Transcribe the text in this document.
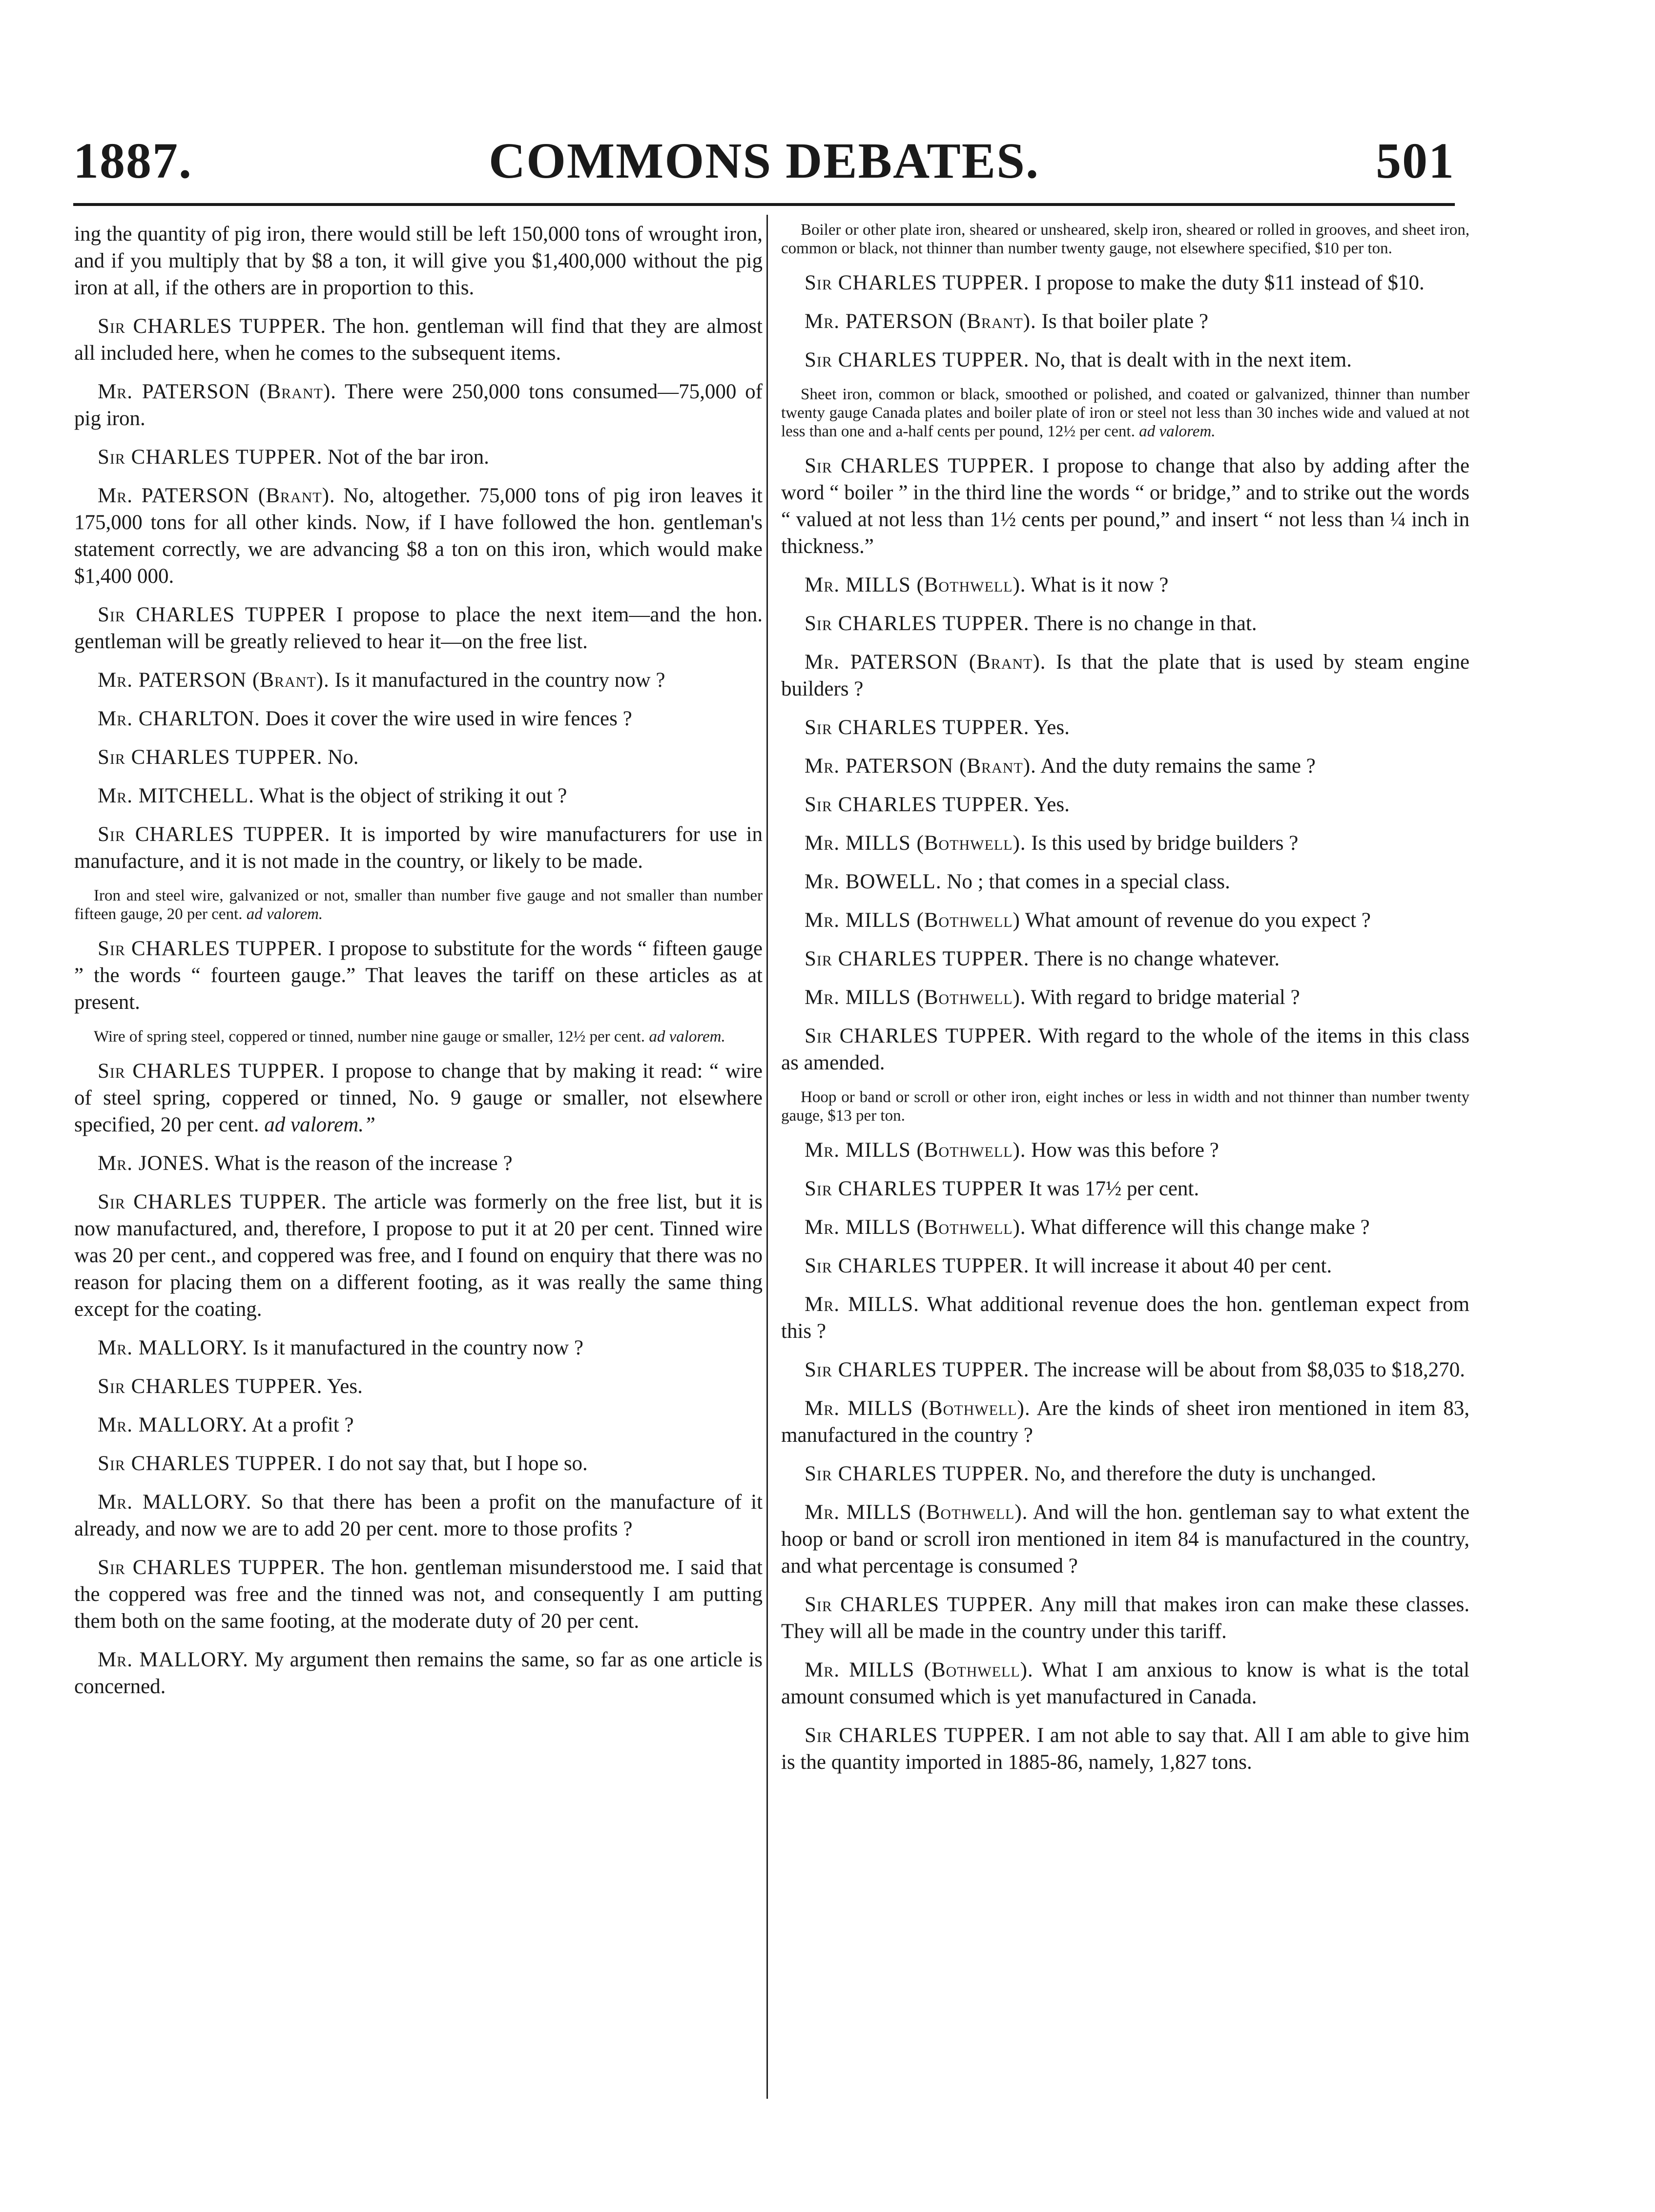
1887.	COMMONS DEBATES.	501

ing the quantity of pig iron, there would still be left 150,000 tons of wrought iron, and if you multiply that by $8 a ton, it will give you $1,400,000 without the pig iron at all, if the others are in proportion to this.

Sir CHARLES TUPPER. The hon. gentleman will find that they are almost all included here, when he comes to the subsequent items.

Mr. PATERSON (Brant). There were 250,000 tons consumed—75,000 of pig iron.

Sir CHARLES TUPPER. Not of the bar iron.

Mr. PATERSON (Brant). No, altogether. 75,000 tons of pig iron leaves it 175,000 tons for all other kinds. Now, if I have followed the hon. gentleman's statement correctly, we are advancing $8 a ton on this iron, which would make $1,400 000.

Sir CHARLES TUPPER I propose to place the next item—and the hon. gentleman will be greatly relieved to hear it—on the free list.

Mr. PATERSON (Brant). Is it manufactured in the country now ?

Mr. CHARLTON. Does it cover the wire used in wire fences ?

Sir CHARLES TUPPER. No.

Mr. MITCHELL. What is the object of striking it out ?

Sir CHARLES TUPPER. It is imported by wire manufacturers for use in manufacture, and it is not made in the country, or likely to be made.

Iron and steel wire, galvanized or not, smaller than number five gauge and not smaller than number fifteen gauge, 20 per cent. ad valorem.

Sir CHARLES TUPPER. I propose to substitute for the words “ fifteen gauge ” the words “ fourteen gauge.” That leaves the tariff on these articles as at present.

Wire of spring steel, coppered or tinned, number nine gauge or smaller, 12½ per cent. ad valorem.

Sir CHARLES TUPPER. I propose to change that by making it read: “ wire of steel spring, coppered or tinned, No. 9 gauge or smaller, not elsewhere specified, 20 per cent. ad valorem.”

Mr. JONES. What is the reason of the increase ?

Sir CHARLES TUPPER. The article was formerly on the free list, but it is now manufactured, and, therefore, I propose to put it at 20 per cent. Tinned wire was 20 per cent., and coppered was free, and I found on enquiry that there was no reason for placing them on a different footing, as it was really the same thing except for the coating.

Mr. MALLORY. Is it manufactured in the country now ?

Sir CHARLES TUPPER. Yes.

Mr. MALLORY. At a profit ?

Sir CHARLES TUPPER. I do not say that, but I hope so.

Mr. MALLORY. So that there has been a profit on the manufacture of it already, and now we are to add 20 per cent. more to those profits ?

Sir CHARLES TUPPER. The hon. gentleman misunderstood me. I said that the coppered was free and the tinned was not, and consequently I am putting them both on the same footing, at the moderate duty of 20 per cent.

Mr. MALLORY. My argument then remains the same, so far as one article is concerned.

Boiler or other plate iron, sheared or unsheared, skelp iron, sheared or rolled in grooves, and sheet iron, common or black, not thinner than number twenty gauge, not elsewhere specified, $10 per ton.

Sir CHARLES TUPPER. I propose to make the duty $11 instead of $10.

Mr. PATERSON (Brant). Is that boiler plate ?

Sir CHARLES TUPPER. No, that is dealt with in the next item.

Sheet iron, common or black, smoothed or polished, and coated or galvanized, thinner than number twenty gauge Canada plates and boiler plate of iron or steel not less than 30 inches wide and valued at not less than one and a-half cents per pound, 12½ per cent. ad valorem.

Sir CHARLES TUPPER. I propose to change that also by adding after the word “ boiler ” in the third line the words “ or bridge,” and to strike out the words “ valued at not less than 1½ cents per pound,” and insert “ not less than ¼ inch in thickness.”

Mr. MILLS (Bothwell). What is it now ?

Sir CHARLES TUPPER. There is no change in that.

Mr. PATERSON (Brant). Is that the plate that is used by steam engine builders ?

Sir CHARLES TUPPER. Yes.

Mr. PATERSON (Brant). And the duty remains the same ?

Sir CHARLES TUPPER. Yes.

Mr. MILLS (Bothwell). Is this used by bridge builders ?

Mr. BOWELL. No ; that comes in a special class.

Mr. MILLS (Bothwell) What amount of revenue do you expect ?

Sir CHARLES TUPPER. There is no change whatever.

Mr. MILLS (Bothwell). With regard to bridge material ?

Sir CHARLES TUPPER. With regard to the whole of the items in this class as amended.

Hoop or band or scroll or other iron, eight inches or less in width and not thinner than number twenty gauge, $13 per ton.

Mr. MILLS (Bothwell). How was this before ?

Sir CHARLES TUPPER It was 17½ per cent.

Mr. MILLS (Bothwell). What difference will this change make ?

Sir CHARLES TUPPER. It will increase it about 40 per cent.

Mr. MILLS. What additional revenue does the hon. gentleman expect from this ?

Sir CHARLES TUPPER. The increase will be about from $8,035 to $18,270.

Mr. MILLS (Bothwell). Are the kinds of sheet iron mentioned in item 83, manufactured in the country ?

Sir CHARLES TUPPER. No, and therefore the duty is unchanged.

Mr. MILLS (Bothwell). And will the hon. gentleman say to what extent the hoop or band or scroll iron mentioned in item 84 is manufactured in the country, and what percentage is consumed ?

Sir CHARLES TUPPER. Any mill that makes iron can make these classes. They will all be made in the country under this tariff.

Mr. MILLS (Bothwell). What I am anxious to know is what is the total amount consumed which is yet manufactured in Canada.

Sir CHARLES TUPPER. I am not able to say that. All I am able to give him is the quantity imported in 1885-86, namely, 1,827 tons.
